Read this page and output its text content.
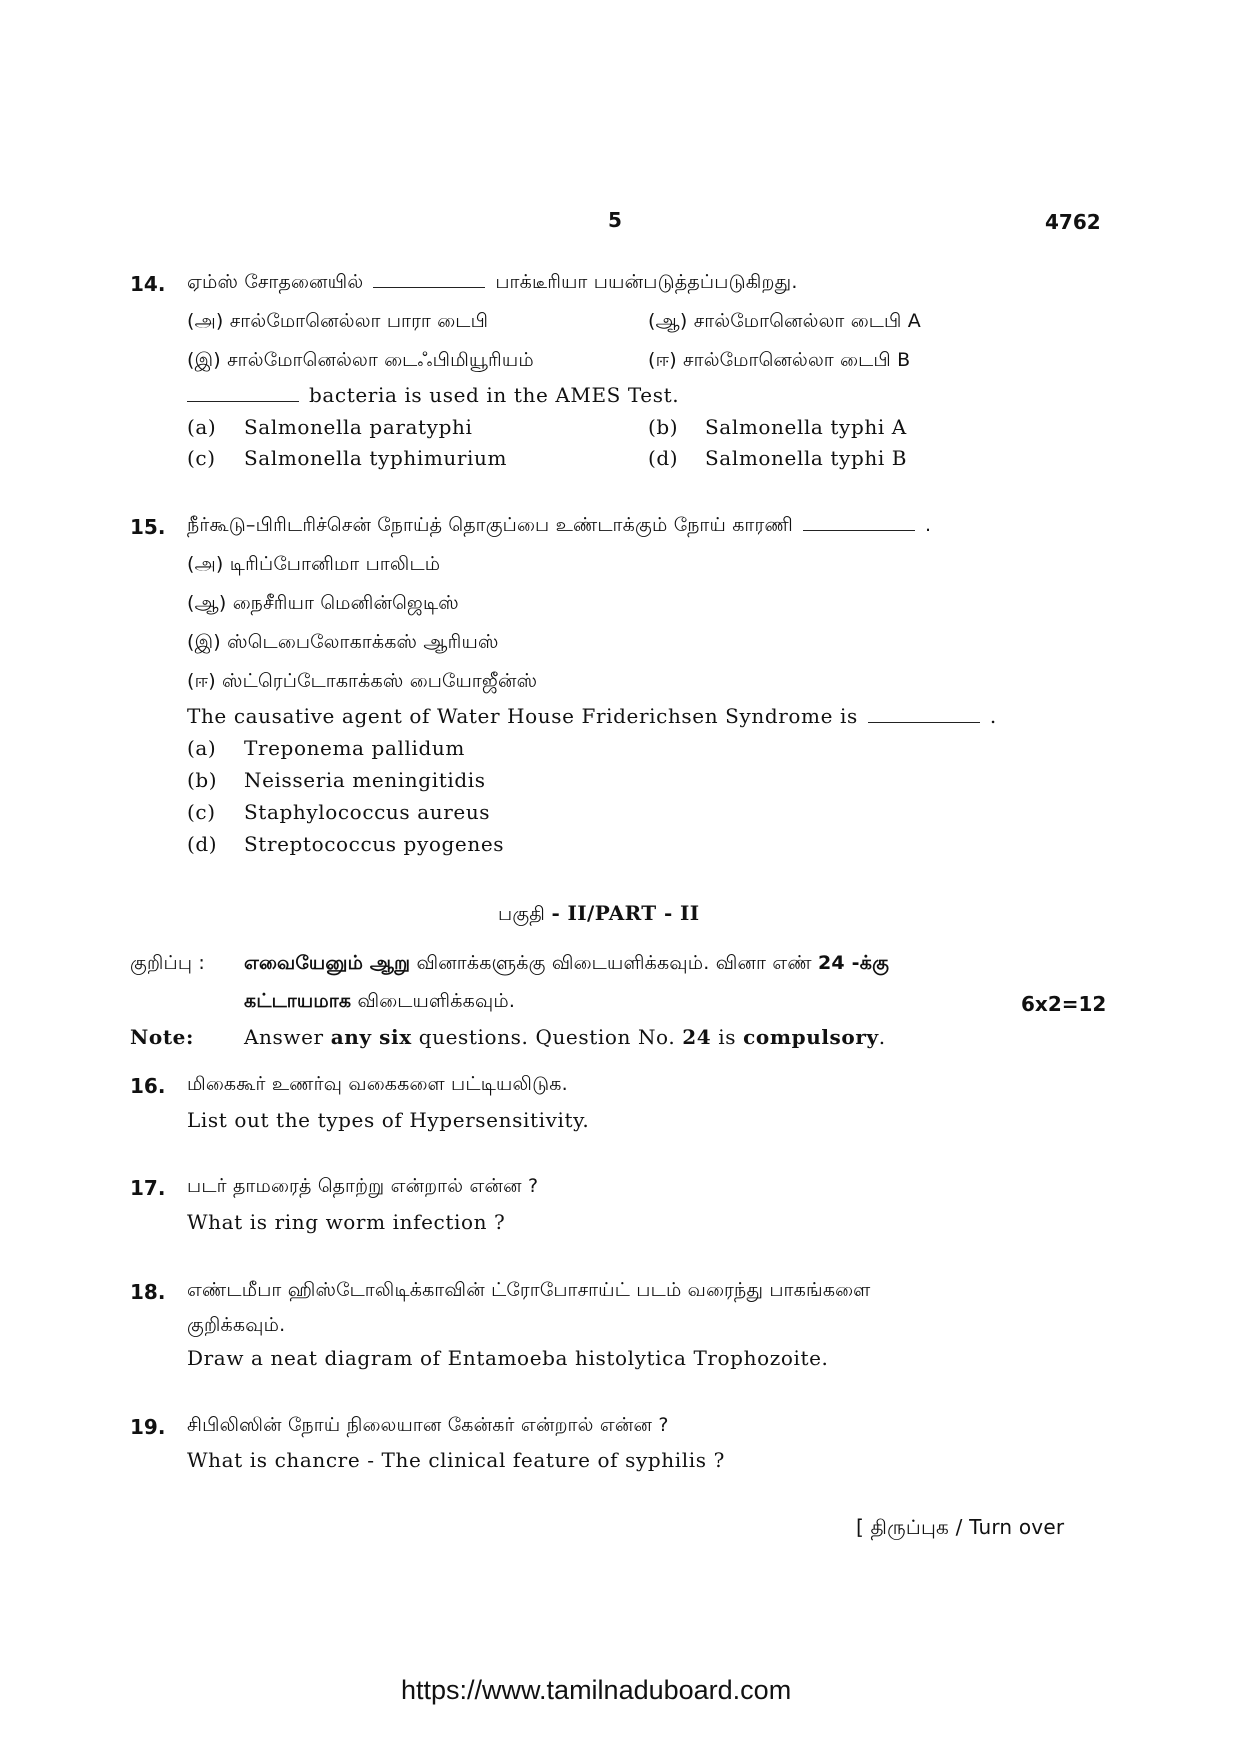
5	4762
14. ஏம்ஸ் சோதனையில்	பாக்டீரியா பயன்படுத்தப்படுகிறது.
(அ) சால்மோனெல்லா பாரா டைபி	(ஆ) சால்மோனெல்லா டைபி A
(இ) சால்மோனெல்லா டைஃபிமியூரியம்	(ஈ) சால்மோனெல்லா டைபி B
bacteria is used in the AMES Test.
(a) Salmonella paratyphi	(b) Salmonella typhi A
(c) Salmonella typhimurium	(d) Salmonella typhi B
15. நீர்கூடு–பிரிடரிச்சென் நோய்த் தொகுப்பை உண்டாக்கும் நோய் காரணி	.
(அ) டிரிப்போனிமா பாலிடம்
(ஆ) நைசீரியா மெனின்ஜெடிஸ்
(இ) ஸ்டெபைலோகாக்கஸ் ஆரியஸ்
(ஈ) ஸ்ட்ரெப்டோகாக்கஸ் பையோஜீன்ஸ்
The causative agent of Water House Friderichsen Syndrome is	.
(a) Treponema pallidum
(b) Neisseria meningitidis
(c) Staphylococcus aureus
(d) Streptococcus pyogenes
பகுதி - II/PART - II
குறிப்பு : எவையேனும் ஆறு வினாக்களுக்கு விடையளிக்கவும். வினா எண் 24 -க்கு
கட்டாயமாக விடையளிக்கவும்.	6x2=12
Note:	Answer any six questions. Question No. 24 is compulsory.
16. மிகைகூர் உணர்வு வகைகளை பட்டியலிடுக.
List out the types of Hypersensitivity.
17. படர் தாமரைத் தொற்று என்றால் என்ன ?
What is ring worm infection ?
18. எண்டமீபா ஹிஸ்டோலிடிக்காவின் ட்ரோபோசாய்ட் படம் வரைந்து பாகங்களை
குறிக்கவும்.
Draw a neat diagram of Entamoeba histolytica Trophozoite.
19. சிபிலிஸின் நோய் நிலையான கேன்கர் என்றால் என்ன ?
What is chancre - The clinical feature of syphilis ?
[ திருப்புக / Turn over
https://www.tamilnaduboard.com
